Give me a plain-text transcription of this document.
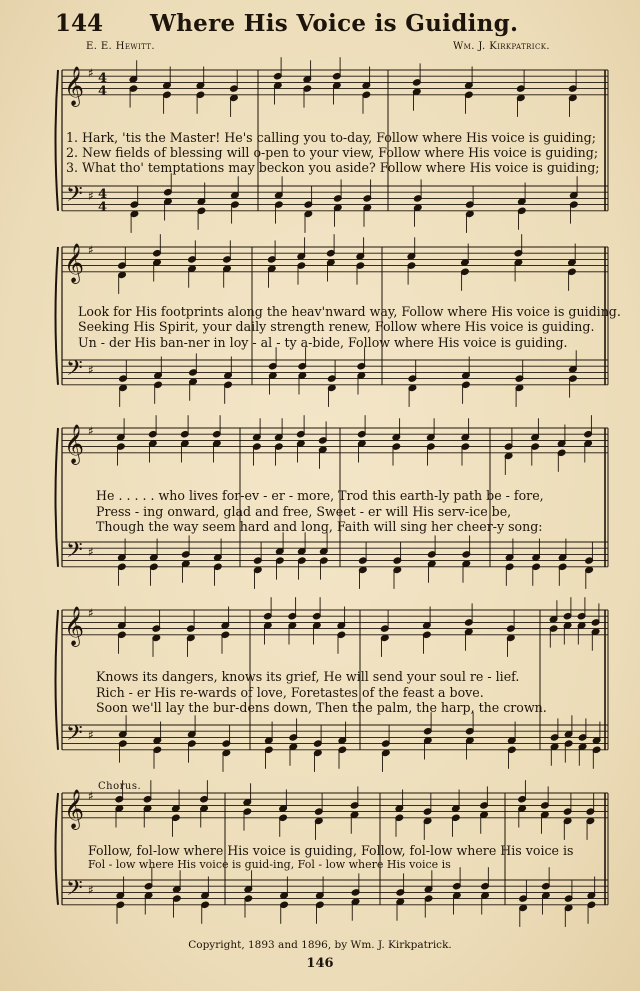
144 Where His Voice is Guiding.
E. E. Hewitt.	Wm. J. Kirkpatrick.
𝄞
𝄢
♯
♯
4
4
4
4
𝄞
𝄢
♯
♯
𝄞
𝄢
♯
♯
𝄞
𝄢
♯
♯
𝄞
𝄢
♯
♯
1. Hark, 'tis the Master! He's calling you to-day, Follow where His voice is guiding;
2. New fields of blessing will o-pen to your view, Follow where His voice is guiding;
3. What tho' temptations may beckon you aside? Follow where His voice is guiding;
Look for His footprints along the heav'nward way, Follow where His voice is guiding.
Seeking His Spirit, your daily strength renew, Follow where His voice is guiding.
Un - der His ban-ner in loy - al - ty a-bide, Follow where His voice is guiding.
He . . . . . who lives for-ev - er - more, Trod this earth-ly path be - fore,
Press - ing onward, glad and free, Sweet - er will His serv-ice be,
Though the way seem hard and long, Faith will sing her cheer-y song:
Knows its dangers, knows its grief, He will send your soul re - lief.
Rich - er His re-wards of love, Foretastes of the feast a bove.
Soon we'll lay the bur-dens down, Then the palm, the harp, the crown.
Chorus.
Follow, fol-low where His voice is guiding, Follow, fol-low where His voice is
Fol - low where His voice is guid-ing, Fol - low where His voice is
Copyright, 1893 and 1896, by Wm. J. Kirkpatrick.
146
